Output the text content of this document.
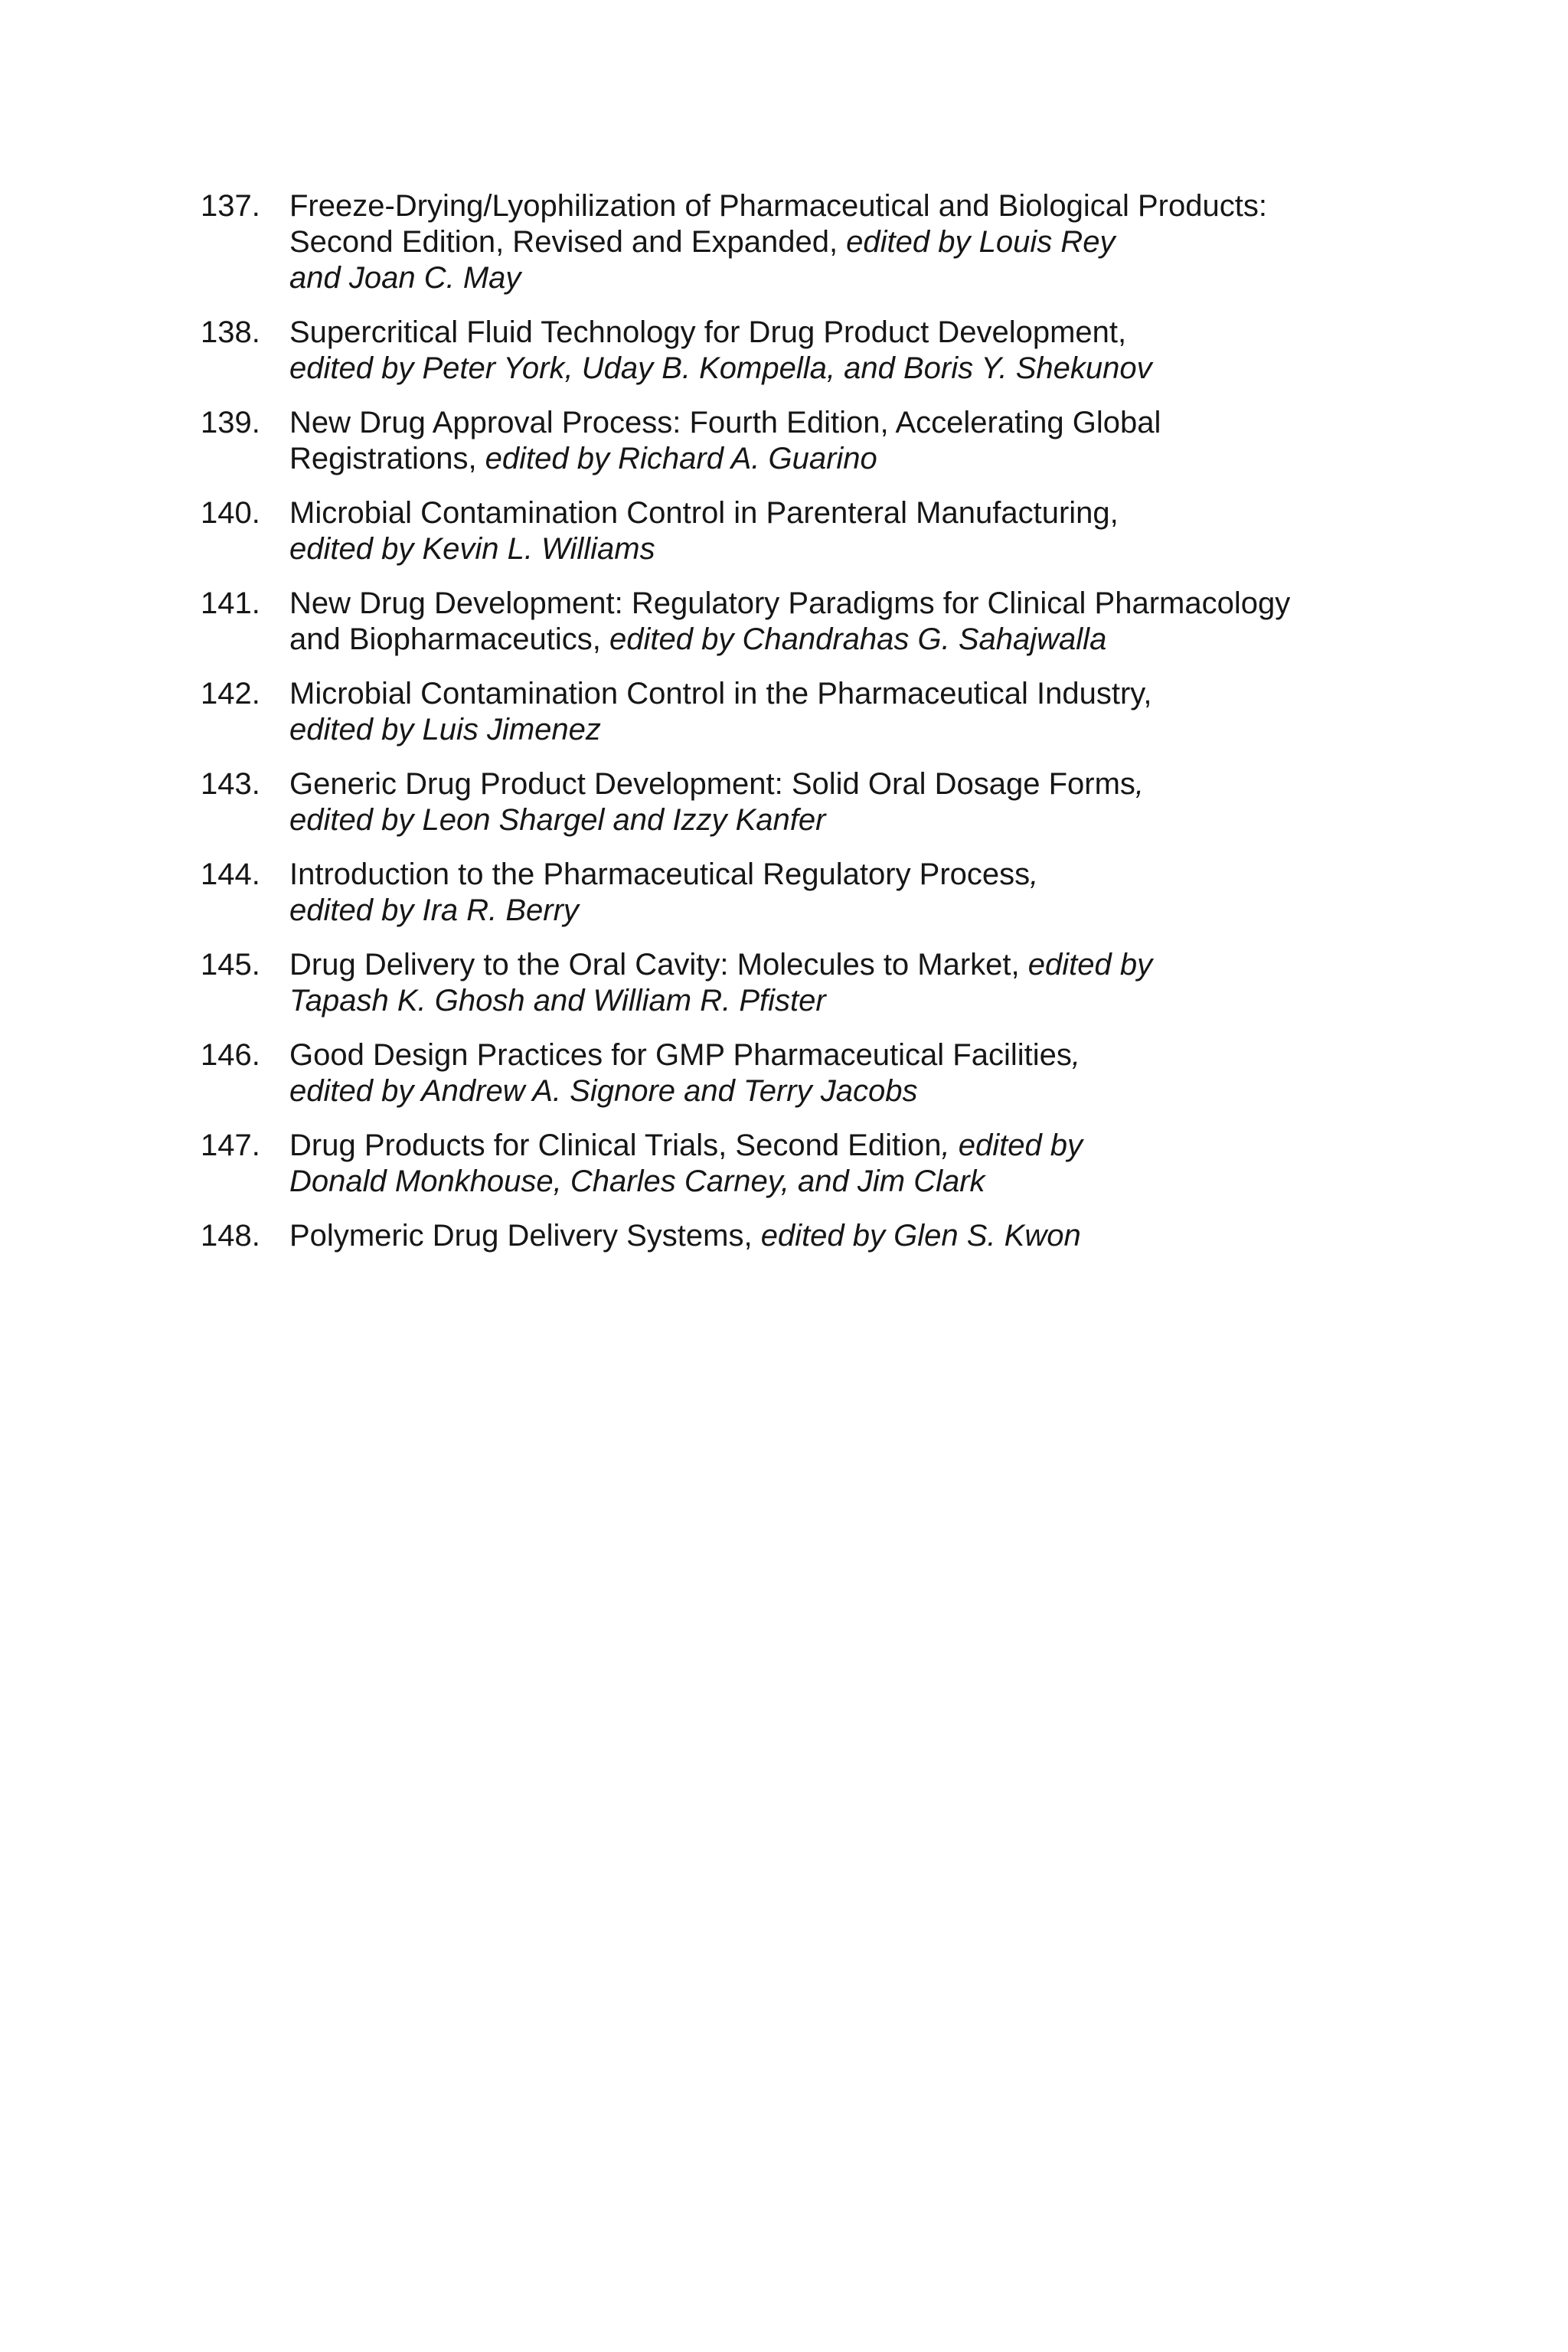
137. Freeze-Drying/Lyophilization of Pharmaceutical and Biological Products:
Second Edition, Revised and Expanded, edited by Louis Rey
and Joan C. May
138. Supercritical Fluid Technology for Drug Product Development,
edited by Peter York, Uday B. Kompella, and Boris Y. Shekunov
139. New Drug Approval Process: Fourth Edition, Accelerating Global
Registrations, edited by Richard A. Guarino
140. Microbial Contamination Control in Parenteral Manufacturing,
edited by Kevin L. Williams
141. New Drug Development: Regulatory Paradigms for Clinical Pharmacology
and Biopharmaceutics, edited by Chandrahas G. Sahajwalla
142. Microbial Contamination Control in the Pharmaceutical Industry,
edited by Luis Jimenez
143. Generic Drug Product Development: Solid Oral Dosage Forms,
edited by Leon Shargel and Izzy Kanfer
144. Introduction to the Pharmaceutical Regulatory Process,
edited by Ira R. Berry
145. Drug Delivery to the Oral Cavity: Molecules to Market, edited by
Tapash K. Ghosh and William R. Pfister
146. Good Design Practices for GMP Pharmaceutical Facilities,
edited by Andrew A. Signore and Terry Jacobs
147. Drug Products for Clinical Trials, Second Edition, edited by
Donald Monkhouse, Charles Carney, and Jim Clark
148. Polymeric Drug Delivery Systems, edited by Glen S. Kwon
